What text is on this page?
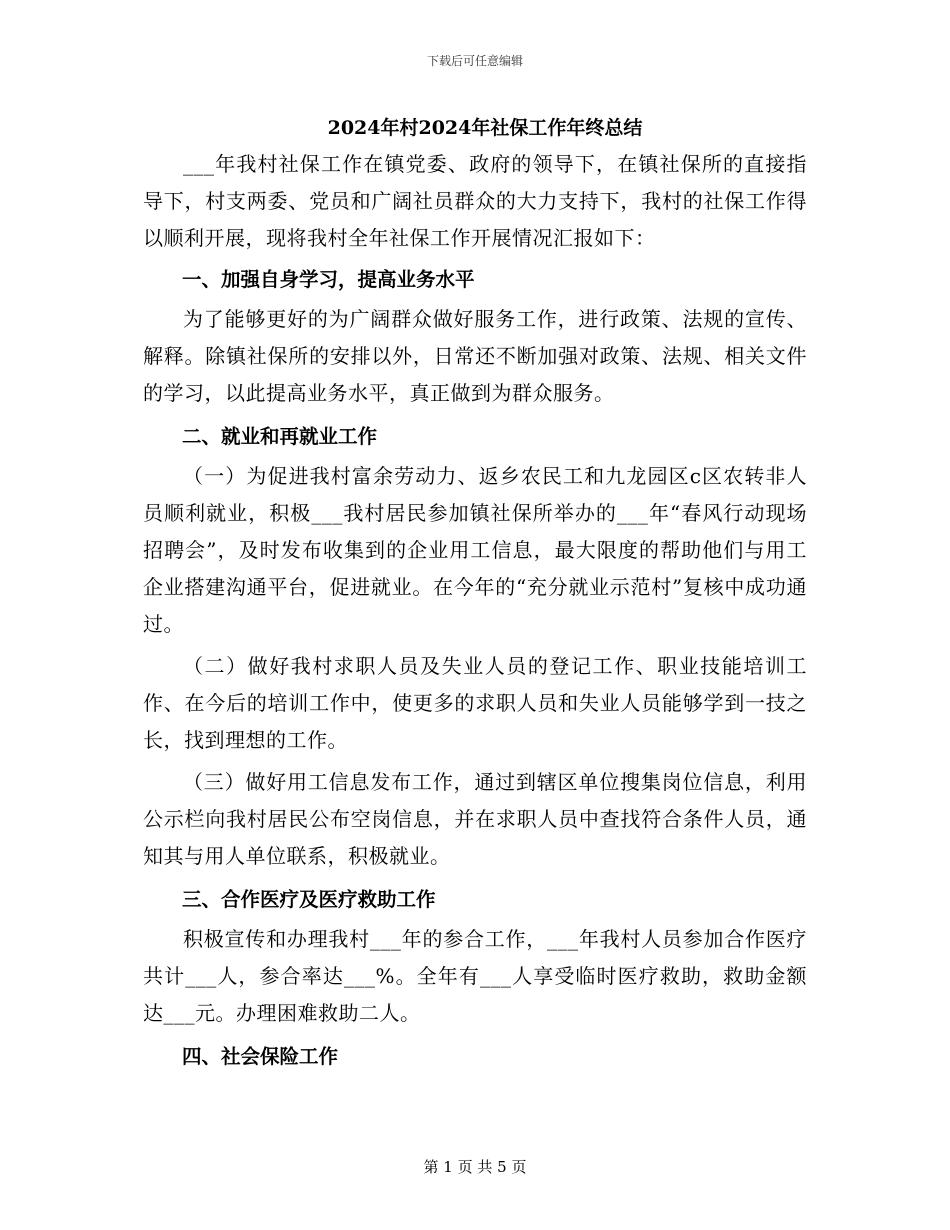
下载后可任意编辑
2024年村2024年社保工作年终总结

___年我村社保工作在镇党委、政府的领导下，在镇社保所的直接指导下，村支两委、党员和广阔社员群众的大力支持下，我村的社保工作得以顺利开展，现将我村全年社保工作开展情况汇报如下：

一、加强自身学习，提高业务水平

为了能够更好的为广阔群众做好服务工作，进行政策、法规的宣传、解释。除镇社保所的安排以外，日常还不断加强对政策、法规、相关文件的学习，以此提高业务水平，真正做到为群众服务。

二、就业和再就业工作

（一）为促进我村富余劳动力、返乡农民工和九龙园区c区农转非人员顺利就业，积极___我村居民参加镇社保所举办的___年“春风行动现场招聘会”，及时发布收集到的企业用工信息，最大限度的帮助他们与用工企业搭建沟通平台，促进就业。在今年的“充分就业示范村”复核中成功通过。

（二）做好我村求职人员及失业人员的登记工作、职业技能培训工作、在今后的培训工作中，使更多的求职人员和失业人员能够学到一技之长，找到理想的工作。

（三）做好用工信息发布工作，通过到辖区单位搜集岗位信息，利用公示栏向我村居民公布空岗信息，并在求职人员中查找符合条件人员，通知其与用人单位联系，积极就业。

三、合作医疗及医疗救助工作

积极宣传和办理我村___年的参合工作，___年我村人员参加合作医疗共计___人，参合率达___%。全年有___人享受临时医疗救助，救助金额达___元。办理困难救助二人。

四、社会保险工作
第 1 页 共 5 页
